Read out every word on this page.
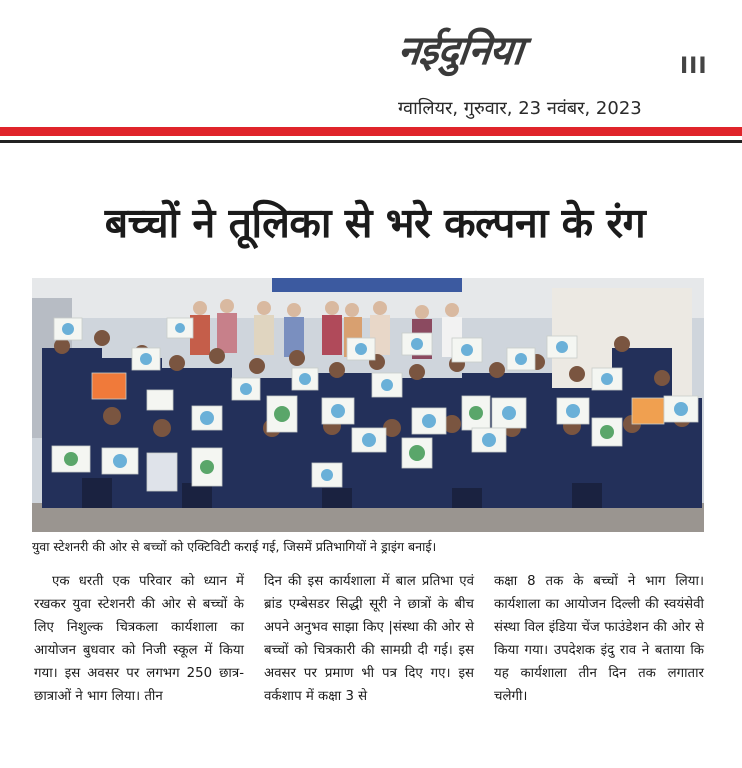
नईदुनिया	III
ग्वालियर, गुरुवार, 23 नवंबर, 2023
बच्चों ने तूलिका से भरे कल्पना के रंग
युवा स्टेशनरी की ओर से बच्चों को एक्टिविटी कराई गई, जिसमें प्रतिभागियों ने ड्राइंग बनाई।

एक धरती एक परिवार को ध्यान में रखकर युवा स्टेशनरी की ओर से बच्चों के लिए निशुल्क चित्रकला कार्यशाला का आयोजन बुधवार को निजी स्कूल में किया गया। इस अवसर पर लगभग 250 छात्र-छात्राओं ने भाग लिया। तीन

दिन की इस कार्यशाला में बाल प्रतिभा एवं ब्रांड एम्बेसडर सिद्धी सूरी ने छात्रों के बीच अपने अनुभव साझा किए |संस्था की ओर से बच्चों को चित्रकारी की सामग्री दी गई। इस अवसर पर प्रमाण भी पत्र दिए गए। इस वर्कशाप में कक्षा 3 से

कक्षा 8 तक के बच्चों ने भाग लिया। कार्यशाला का आयोजन दिल्ली की स्वयंसेवी संस्था विल इंडिया चेंज फाउंडेशन की ओर से किया गया। उपदेशक इंदु राव ने बताया कि यह कार्यशाला तीन दिन तक लगातार चलेगी।
